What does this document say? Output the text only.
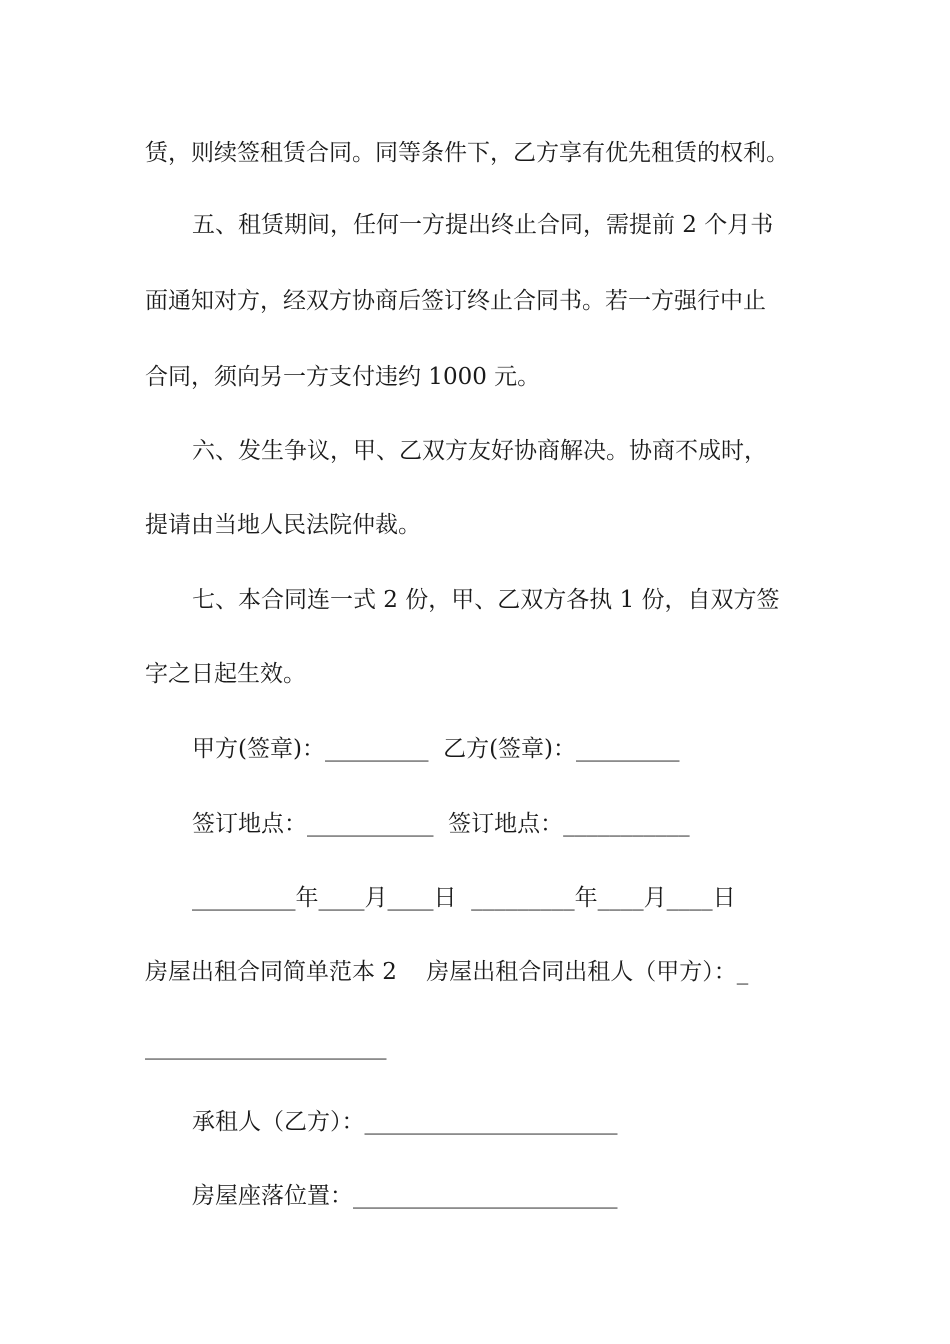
赁，则续签租赁合同。同等条件下，乙方享有优先租赁的权利。
五、租赁期间，任何一方提出终止合同，需提前 2 个月书
面通知对方，经双方协商后签订终止合同书。若一方强行中止
合同，须向另一方支付违约 1000 元。
六、发生争议，甲、乙双方友好协商解决。协商不成时，
提请由当地人民法院仲裁。
七、本合同连一式 2 份，甲、乙双方各执 1 份，自双方签
字之日起生效。
甲方(签章)：_________  乙方(签章)：_________
签订地点：___________  签订地点：___________
_________年____月____日  _________年____月____日
房屋出租合同简单范本 2    房屋出租合同出租人（甲方）：_
_____________________
承租人（乙方）：______________________
房屋座落位置：_______________________
